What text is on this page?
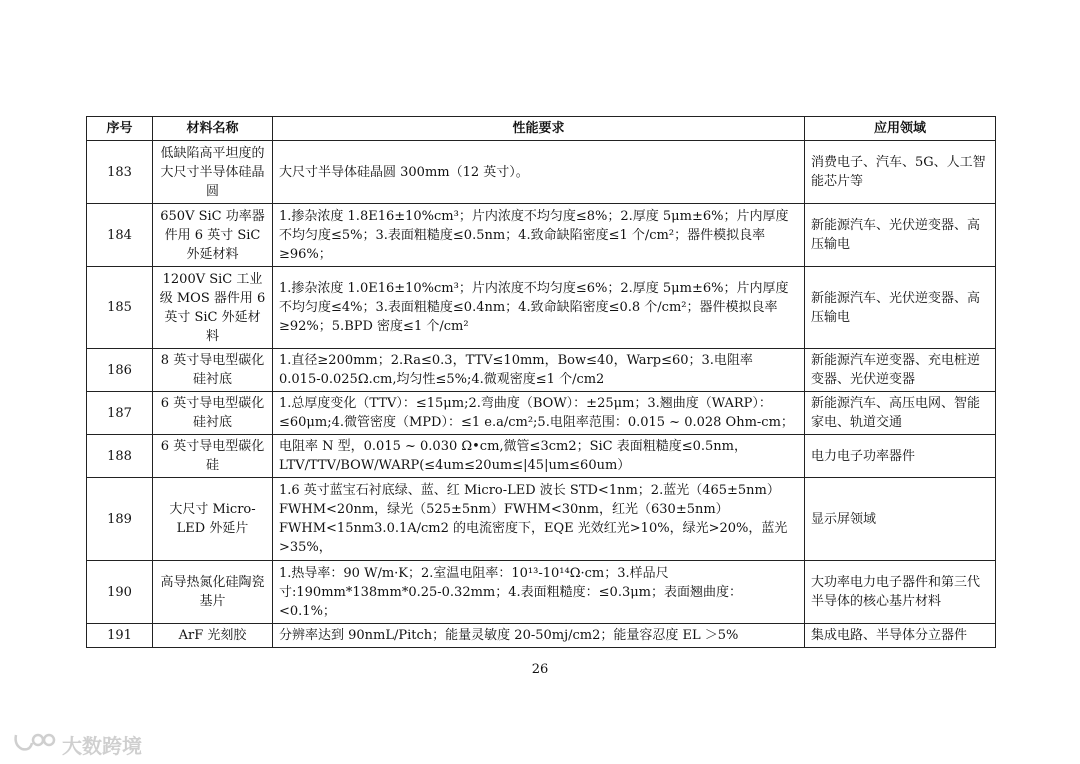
序号	材料名称	性能要求	应用领域
183	低缺陷高平坦度的大尺寸半导体硅晶圆	大尺寸半导体硅晶圆 300mm（12 英寸）。	消费电子、汽车、5G、人工智能芯片等
184	650V SiC 功率器件用 6 英寸 SiC 外延材料	1.掺杂浓度 1.8E16±10%cm³；片内浓度不均匀度≤8%；2.厚度 5μm±6%；片内厚度不均匀度≤5%；3.表面粗糙度≤0.5nm；4.致命缺陷密度≤1 个/cm²；器件模拟良率≥96%；	新能源汽车、光伏逆变器、高压输电
185	1200V SiC 工业级 MOS 器件用 6 英寸 SiC 外延材料	1.掺杂浓度 1.0E16±10%cm³；片内浓度不均匀度≤6%；2.厚度 5μm±6%；片内厚度不均匀度≤4%；3.表面粗糙度≤0.4nm；4.致命缺陷密度≤0.8 个/cm²；器件模拟良率≥92%；5.BPD 密度≤1 个/cm²	新能源汽车、光伏逆变器、高压输电
186	8 英寸导电型碳化硅衬底	1.直径≥200mm；2.Ra≤0.3，TTV≤10mm，Bow≤40，Warp≤60；3.电阻率 0.015-0.025Ω.cm,均匀性≤5%;4.微观密度≤1 个/cm2	新能源汽车逆变器、充电桩逆变器、光伏逆变器
187	6 英寸导电型碳化硅衬底	1.总厚度变化（TTV）：≤15μm;2.弯曲度（BOW）：±25μm；3.翘曲度（WARP）：≤60μm;4.微管密度（MPD）：≤1 e.a/cm²;5.电阻率范围：0.015 ~ 0.028 Ohm-cm；	新能源汽车、高压电网、智能家电、轨道交通
188	6 英寸导电型碳化硅	电阻率 N 型，0.015 ~ 0.030 Ω•cm,微管≤3cm2；SiC 表面粗糙度≤0.5nm，LTV/TTV/BOW/WARP(≤4um≤20um≤|45|um≤60um）	电力电子功率器件
189	大尺寸 Micro-LED 外延片	1.6 英寸蓝宝石衬底绿、蓝、红 Micro-LED 波长 STD<1nm；2.蓝光（465±5nm）FWHM<20nm，绿光（525±5nm）FWHM<30nm，红光（630±5nm）FWHM<15nm3.0.1A/cm2 的电流密度下，EQE 光效红光>10%，绿光>20%，蓝光>35%，	显示屏领域
190	高导热氮化硅陶瓷基片	1.热导率：90 W/m·K；2.室温电阻率：10¹³-10¹⁴Ω·cm；3.样品尺寸:190mm*138mm*0.25-0.32mm；4.表面粗糙度：≤0.3μm；表面翘曲度：<0.1%；	大功率电力电子器件和第三代半导体的核心基片材料
191	ArF 光刻胶	分辨率达到 90nmL/Pitch；能量灵敏度 20-50mj/cm2；能量容忍度 EL ＞5%	集成电路、半导体分立器件
26
大数跨境
